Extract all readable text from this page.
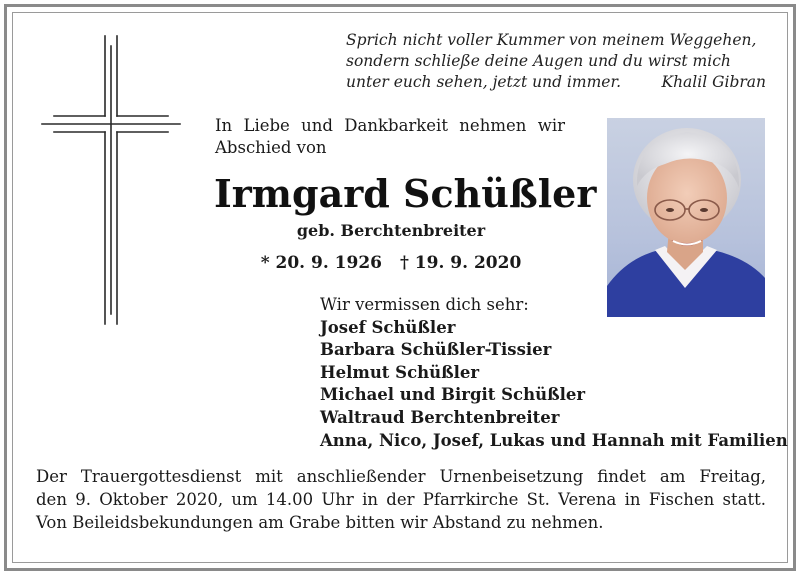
Sprich nicht voller Kummer von meinem Weggehen,
sondern schließe deine Augen und du wirst mich
unter euch sehen, jetzt und immer.	Khalil Gibran
In Liebe und Dankbarkeit nehmen wir Abschied von
Irmgard Schüßler
geb. Berchtenbreiter
* 20. 9. 1926 † 19. 9. 2020
Wir vermissen dich sehr:
Josef Schüßler
Barbara Schüßler-Tissier
Helmut Schüßler
Michael und Birgit Schüßler
Waltraud Berchtenbreiter
Anna, Nico, Josef, Lukas und Hannah mit Familien
Der Trauergottesdienst mit anschließender Urnenbeisetzung findet am Freitag,
den 9. Oktober 2020, um 14.00 Uhr in der Pfarrkirche St. Verena in Fischen statt.
Von Beileidsbekundungen am Grabe bitten wir Abstand zu nehmen.
